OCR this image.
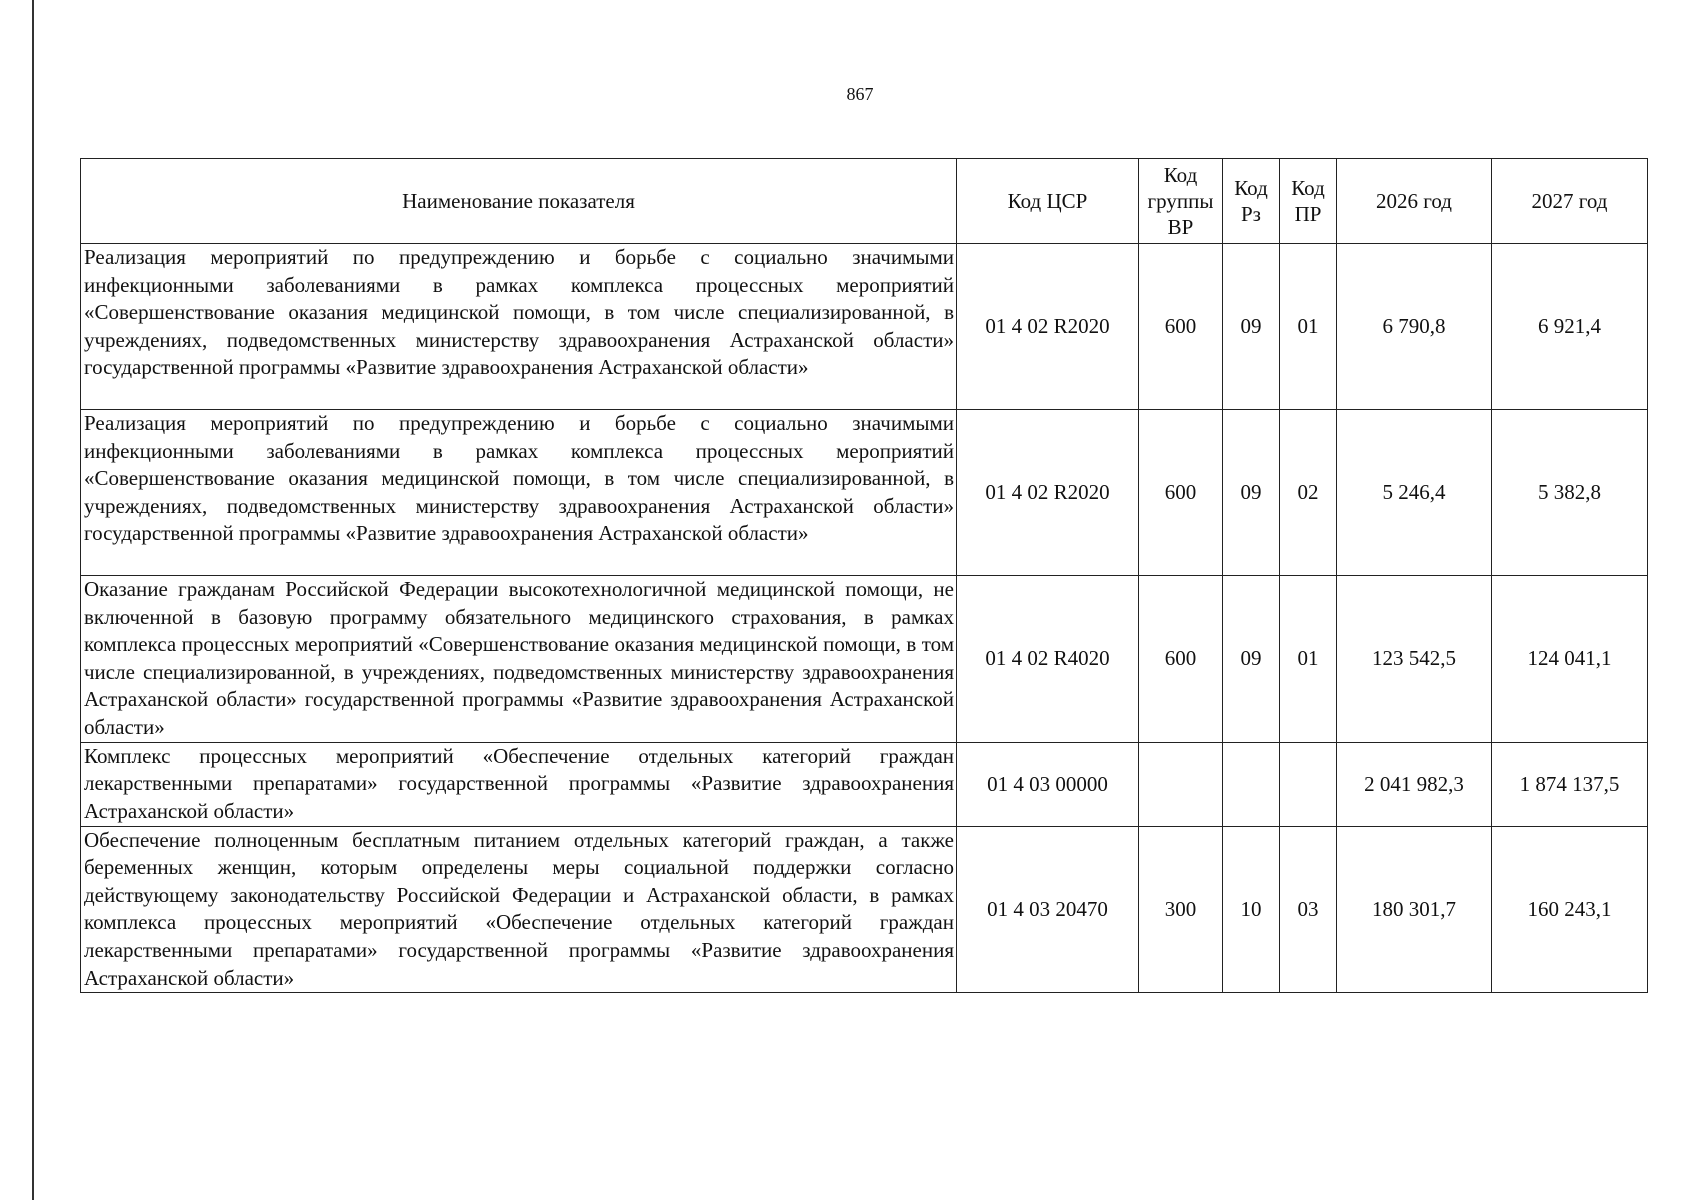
867
Наименование показателя	Код ЦСР	Код группы ВР	Код Рз	Код ПР	2026 год	2027 год
Реализация мероприятий по предупреждению и борьбе с социально значимыми инфекционными заболеваниями в рамках комплекса процессных мероприятий «Совершенствование оказания медицинской помощи, в том числе специализированной, в учреждениях, подведомственных министерству здравоохранения Астраханской области» государственной программы «Развитие здравоохранения Астраханской области»	01 4 02 R2020	600	09	01	6 790,8	6 921,4
Реализация мероприятий по предупреждению и борьбе с социально значимыми инфекционными заболеваниями в рамках комплекса процессных мероприятий «Совершенствование оказания медицинской помощи, в том числе специализированной, в учреждениях, подведомственных министерству здравоохранения Астраханской области» государственной программы «Развитие здравоохранения Астраханской области»	01 4 02 R2020	600	09	02	5 246,4	5 382,8
Оказание гражданам Российской Федерации высокотехнологичной медицинской помощи, не включенной в базовую программу обязательного медицинского страхования, в рамках комплекса процессных мероприятий «Совершенствование оказания медицинской помощи, в том числе специализированной, в учреждениях, подведомственных министерству здравоохранения Астраханской области» государственной программы «Развитие здравоохранения Астраханской области»	01 4 02 R4020	600	09	01	123 542,5	124 041,1
Комплекс процессных мероприятий «Обеспечение отдельных категорий граждан лекарственными препаратами» государственной программы «Развитие здравоохранения Астраханской области»	01 4 03 00000				2 041 982,3	1 874 137,5
Обеспечение полноценным бесплатным питанием отдельных категорий граждан, а также беременных женщин, которым определены меры социальной поддержки согласно действующему законодательству Российской Федерации и Астраханской области, в рамках комплекса процессных мероприятий «Обеспечение отдельных категорий граждан лекарственными препаратами» государственной программы «Развитие здравоохранения Астраханской области»	01 4 03 20470	300	10	03	180 301,7	160 243,1
